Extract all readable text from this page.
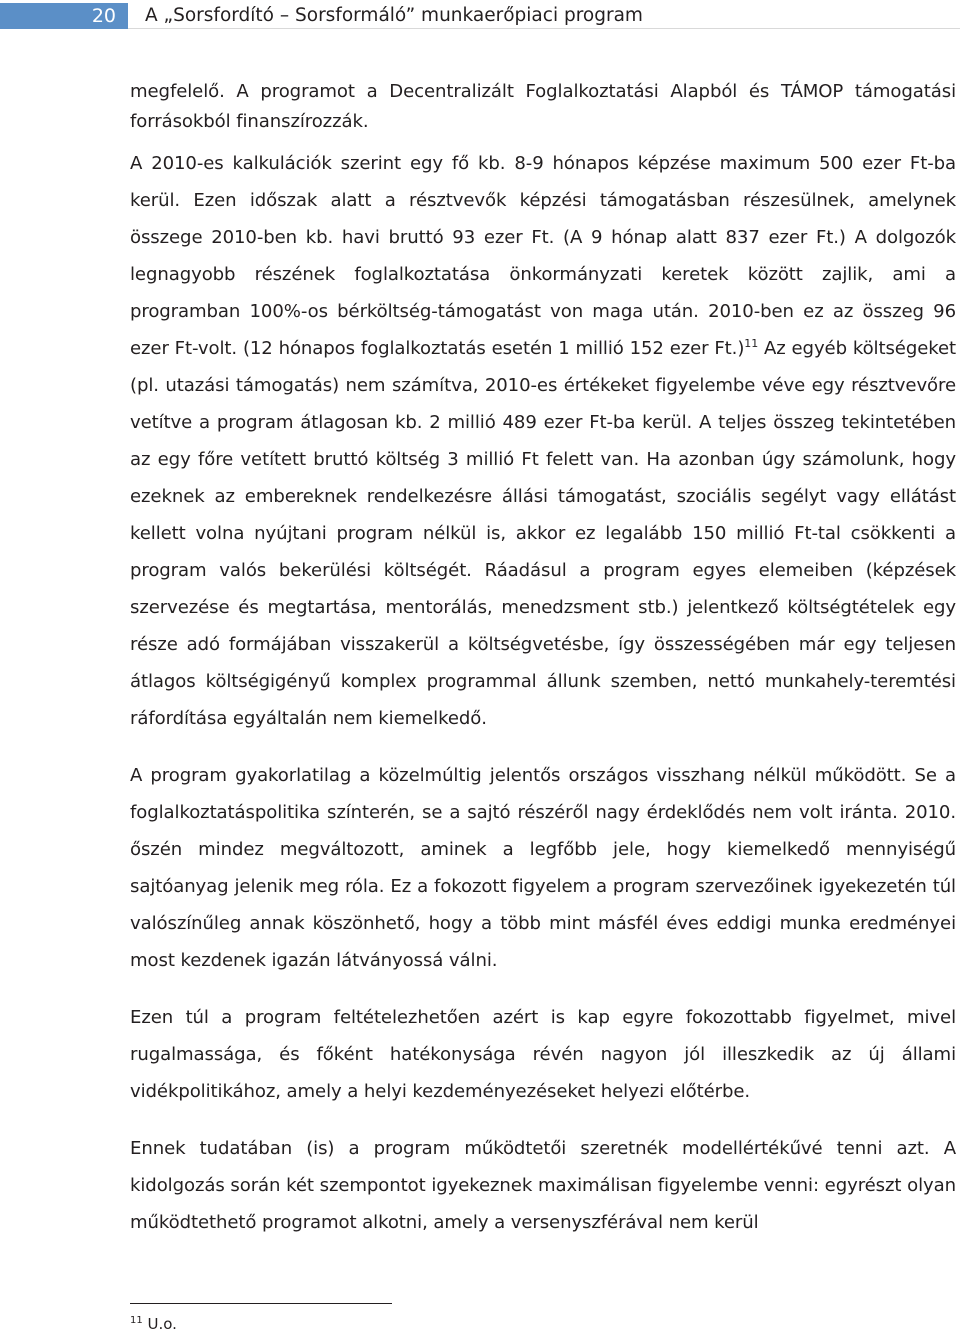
20	A „Sorsfordító – Sorsformáló” munkaerőpiaci program

megfelelő. A programot a Decentralizált Foglalkoztatási Alapból és TÁMOP támogatási forrásokból finanszírozzák.

A 2010-es kalkulációk szerint egy fő kb. 8-9 hónapos képzése maximum 500 ezer Ft-ba kerül. Ezen időszak alatt a résztvevők képzési támogatásban részesülnek, amelynek összege 2010-ben kb. havi bruttó 93 ezer Ft. (A 9 hónap alatt 837 ezer Ft.) A dolgozók legnagyobb részének foglalkoztatása önkormányzati keretek között zajlik, ami a programban 100%-os bérköltség-támogatást von maga után. 2010-ben ez az összeg 96 ezer Ft-volt. (12 hónapos foglalkoztatás esetén 1 millió 152 ezer Ft.)$^{11}$ Az egyéb költségeket (pl. utazási támogatás) nem számítva, 2010-es értékeket figyelembe véve egy résztvevőre vetítve a program átlagosan kb. 2 millió 489 ezer Ft-ba kerül. A teljes összeg tekintetében az egy főre vetített bruttó költség 3 millió Ft felett van. Ha azonban úgy számolunk, hogy ezeknek az embereknek rendelkezésre állási támogatást, szociális segélyt vagy ellátást kellett volna nyújtani program nélkül is, akkor ez legalább 150 millió Ft-tal csökkenti a program valós bekerülési költségét. Ráadásul a program egyes elemeiben (képzések szervezése és megtartása, mentorálás, menedzsment stb.) jelentkező költségtételek egy része adó formájában visszakerül a költségvetésbe, így összességében már egy teljesen átlagos költségigényű komplex programmal állunk szemben, nettó munkahely-teremtési ráfordítása egyáltalán nem kiemelkedő.

A program gyakorlatilag a közelmúltig jelentős országos visszhang nélkül működött. Se a foglalkoztatáspolitika színterén, se a sajtó részéről nagy érdeklődés nem volt iránta. 2010. őszén mindez megváltozott, aminek a legfőbb jele, hogy kiemelkedő mennyiségű sajtóanyag jelenik meg róla. Ez a fokozott figyelem a program szervezőinek igyekezetén túl valószínűleg annak köszönhető, hogy a több mint másfél éves eddigi munka eredményei most kezdenek igazán látványossá válni.

Ezen túl a program feltételezhetően azért is kap egyre fokozottabb figyelmet, mivel rugalmassága, és főként hatékonysága révén nagyon jól illeszkedik az új állami vidékpolitikához, amely a helyi kezdeményezéseket helyezi előtérbe.

Ennek tudatában (is) a program működtetői szeretnék modellértékűvé tenni azt. A kidolgozás során két szempontot igyekeznek maximálisan figyelembe venni: egyrészt olyan működtethető programot alkotni, amely a versenyszférával nem kerül

$^{11}$ U.o.
